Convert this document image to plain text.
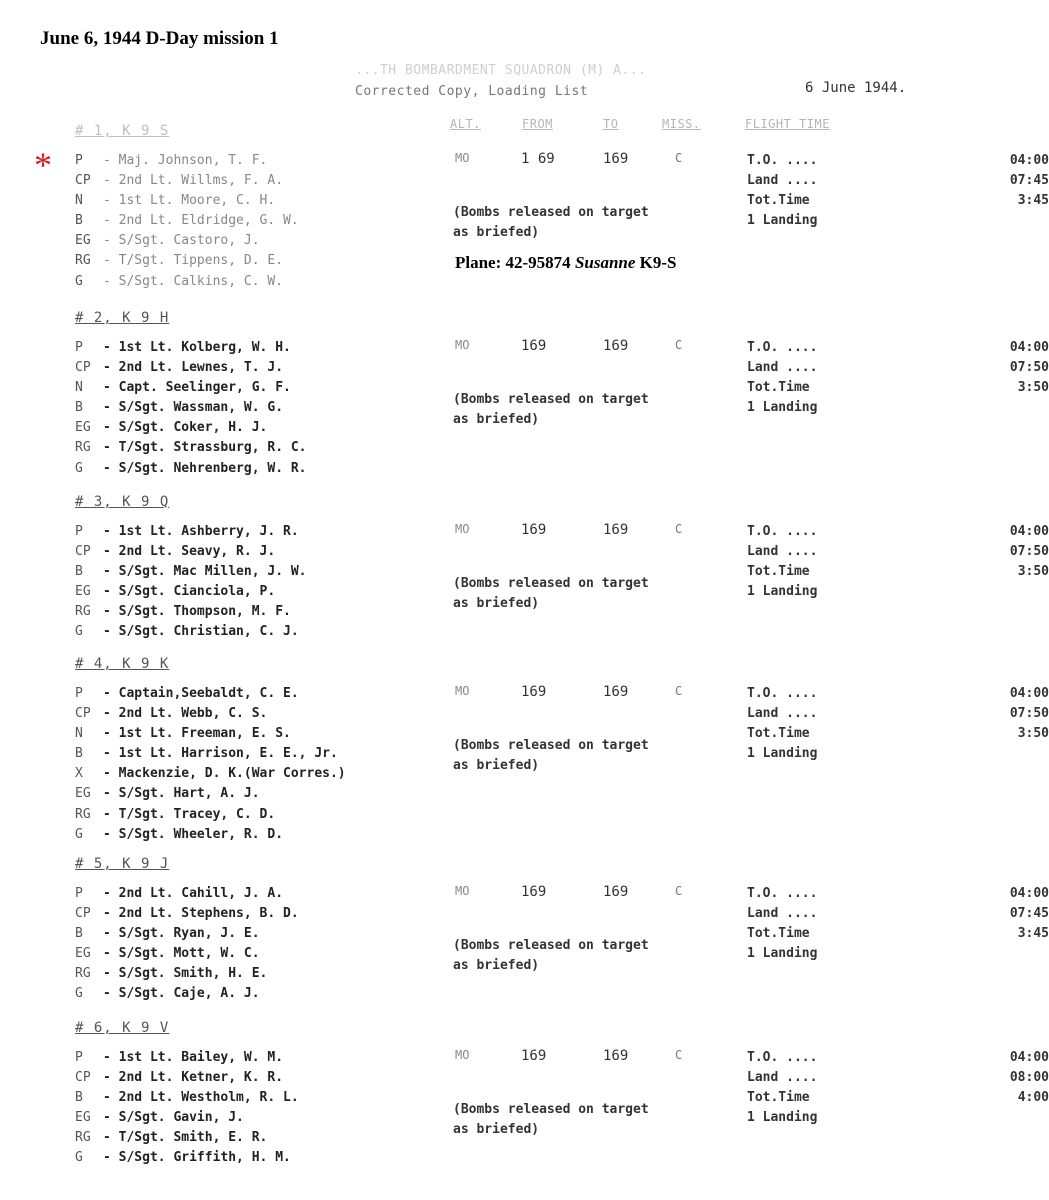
June 6, 1944 D-Day mission 1
*
...TH BOMBARDMENT SQUADRON (M) A...
Corrected Copy, Loading List	6 June 1944.
ALT.	FROM	TO	MISS.	FLIGHT TIME
Plane: 42-95874 Susanne K9-S
# 1, K 9 S
P - Maj. Johnson, T. F.
CP - 2nd Lt. Willms, F. A.
N - 1st Lt. Moore, C. H.
B - 2nd Lt. Eldridge, G. W.
EG - S/Sgt. Castoro, J.
RG - T/Sgt. Tippens, D. E.
G - S/Sgt. Calkins, C. W.
MO	1 69	169	C
(Bombs released on target
as briefed)
T.O. ....	04:00
Land ....	07:45
Tot.Time	3:45
1 Landing
# 2, K 9 H
P - 1st Lt. Kolberg, W. H.
CP - 2nd Lt. Lewnes, T. J.
N - Capt. Seelinger, G. F.
B - S/Sgt. Wassman, W. G.
EG - S/Sgt. Coker, H. J.
RG - T/Sgt. Strassburg, R. C.
G - S/Sgt. Nehrenberg, W. R.
MO	169	169	C
(Bombs released on target
as briefed)
T.O. ....	04:00
Land ....	07:50
Tot.Time	3:50
1 Landing
# 3, K 9 Q
P - 1st Lt. Ashberry, J. R.
CP - 2nd Lt. Seavy, R. J.
B - S/Sgt. Mac Millen, J. W.
EG - S/Sgt. Cianciola, P.
RG - S/Sgt. Thompson, M. F.
G - S/Sgt. Christian, C. J.
MO	169	169	C
(Bombs released on target
as briefed)
T.O. ....	04:00
Land ....	07:50
Tot.Time	3:50
1 Landing
# 4, K 9 K
P - Captain,Seebaldt, C. E.
CP - 2nd Lt. Webb, C. S.
N - 1st Lt. Freeman, E. S.
B - 1st Lt. Harrison, E. E., Jr.
X - Mackenzie, D. K.(War Corres.)
EG - S/Sgt. Hart, A. J.
RG - T/Sgt. Tracey, C. D.
G - S/Sgt. Wheeler, R. D.
MO	169	169	C
(Bombs released on target
as briefed)
T.O. ....	04:00
Land ....	07:50
Tot.Time	3:50
1 Landing
# 5, K 9 J
P - 2nd Lt. Cahill, J. A.
CP - 2nd Lt. Stephens, B. D.
B - S/Sgt. Ryan, J. E.
EG - S/Sgt. Mott, W. C.
RG - S/Sgt. Smith, H. E.
G - S/Sgt. Caje, A. J.
MO	169	169	C
(Bombs released on target
as briefed)
T.O. ....	04:00
Land ....	07:45
Tot.Time	3:45
1 Landing
# 6, K 9 V
P - 1st Lt. Bailey, W. M.
CP - 2nd Lt. Ketner, K. R.
B - 2nd Lt. Westholm, R. L.
EG - S/Sgt. Gavin, J.
RG - T/Sgt. Smith, E. R.
G - S/Sgt. Griffith, H. M.
MO	169	169	C
(Bombs released on target
as briefed)
T.O. ....	04:00
Land ....	08:00
Tot.Time	4:00
1 Landing
